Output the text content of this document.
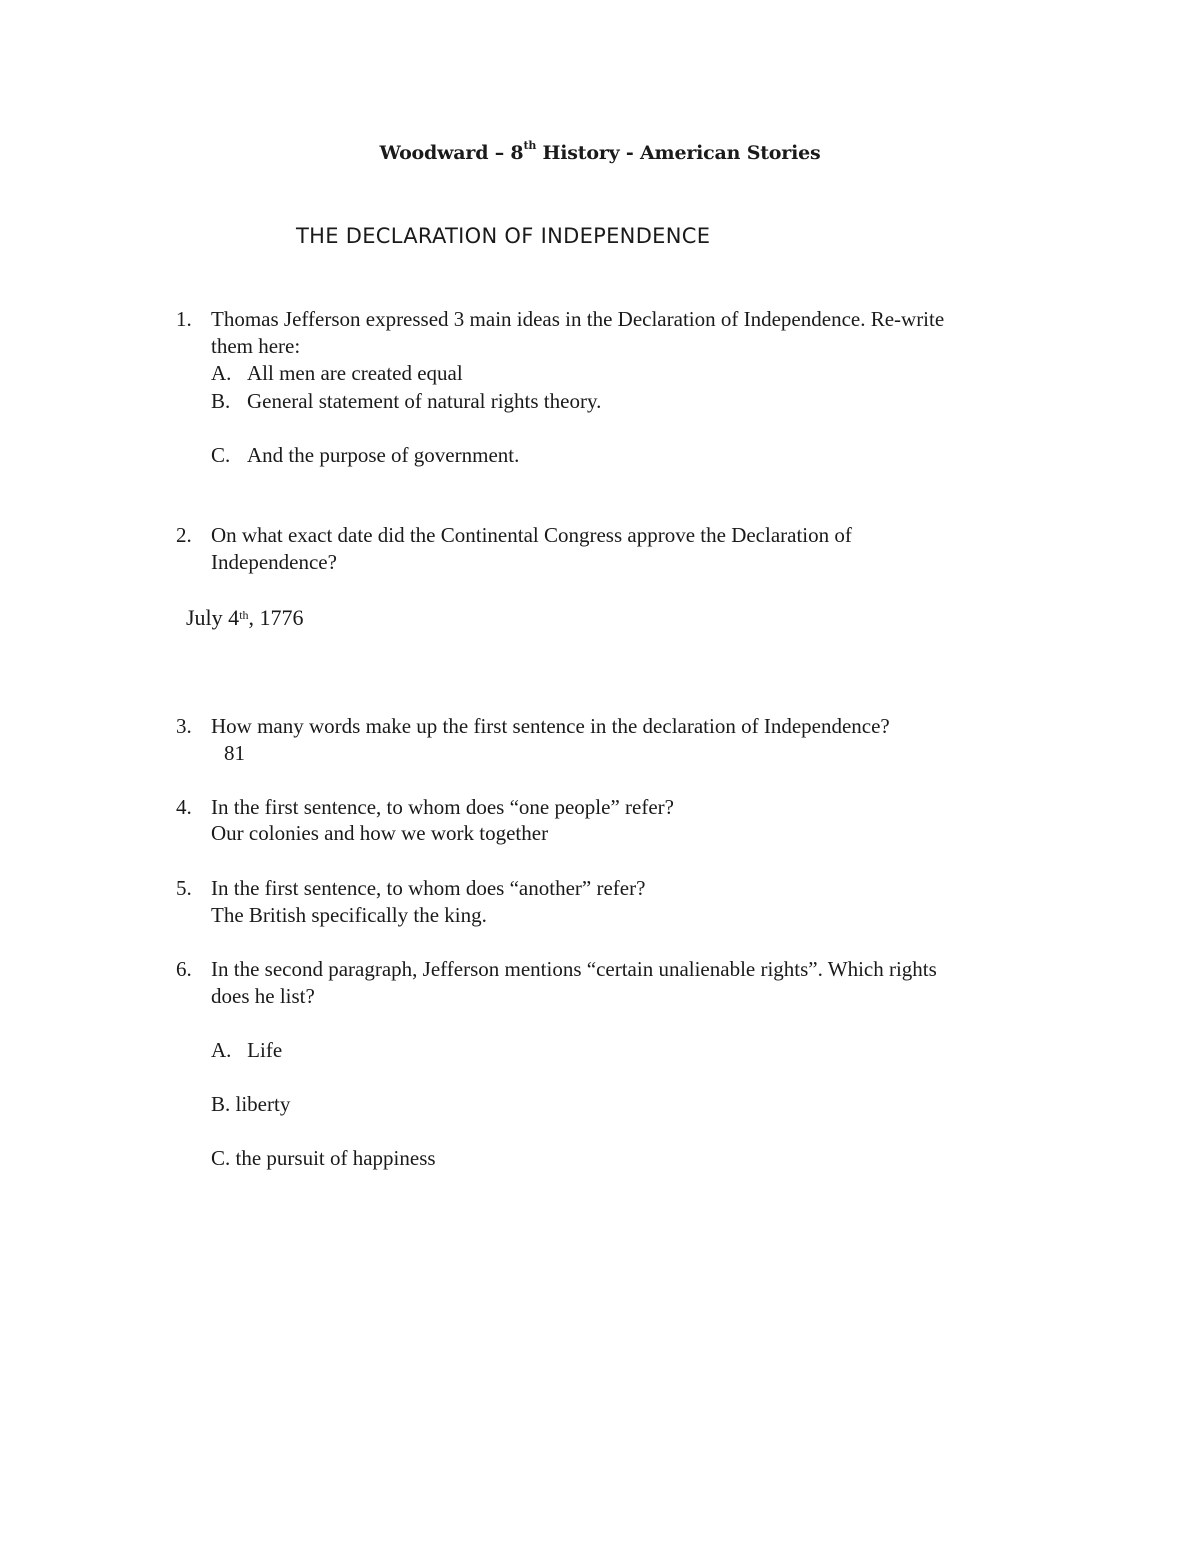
Woodward – 8th History - American Stories
THE DECLARATION OF INDEPENDENCE
1. Thomas Jefferson expressed 3 main ideas in the Declaration of Independence. Re-write
them here:
A. All men are created equal
B. General statement of natural rights theory.
C. And the purpose of government.
2. On what exact date did the Continental Congress approve the Declaration of
Independence?
July 4th, 1776
3. How many words make up the first sentence in the declaration of Independence?
81
4. In the first sentence, to whom does “one people” refer?
Our colonies and how we work together
5. In the first sentence, to whom does “another” refer?
The British specifically the king.
6. In the second paragraph, Jefferson mentions “certain unalienable rights”. Which rights
does he list?
A.   Life
B. liberty
C. the pursuit of happiness
